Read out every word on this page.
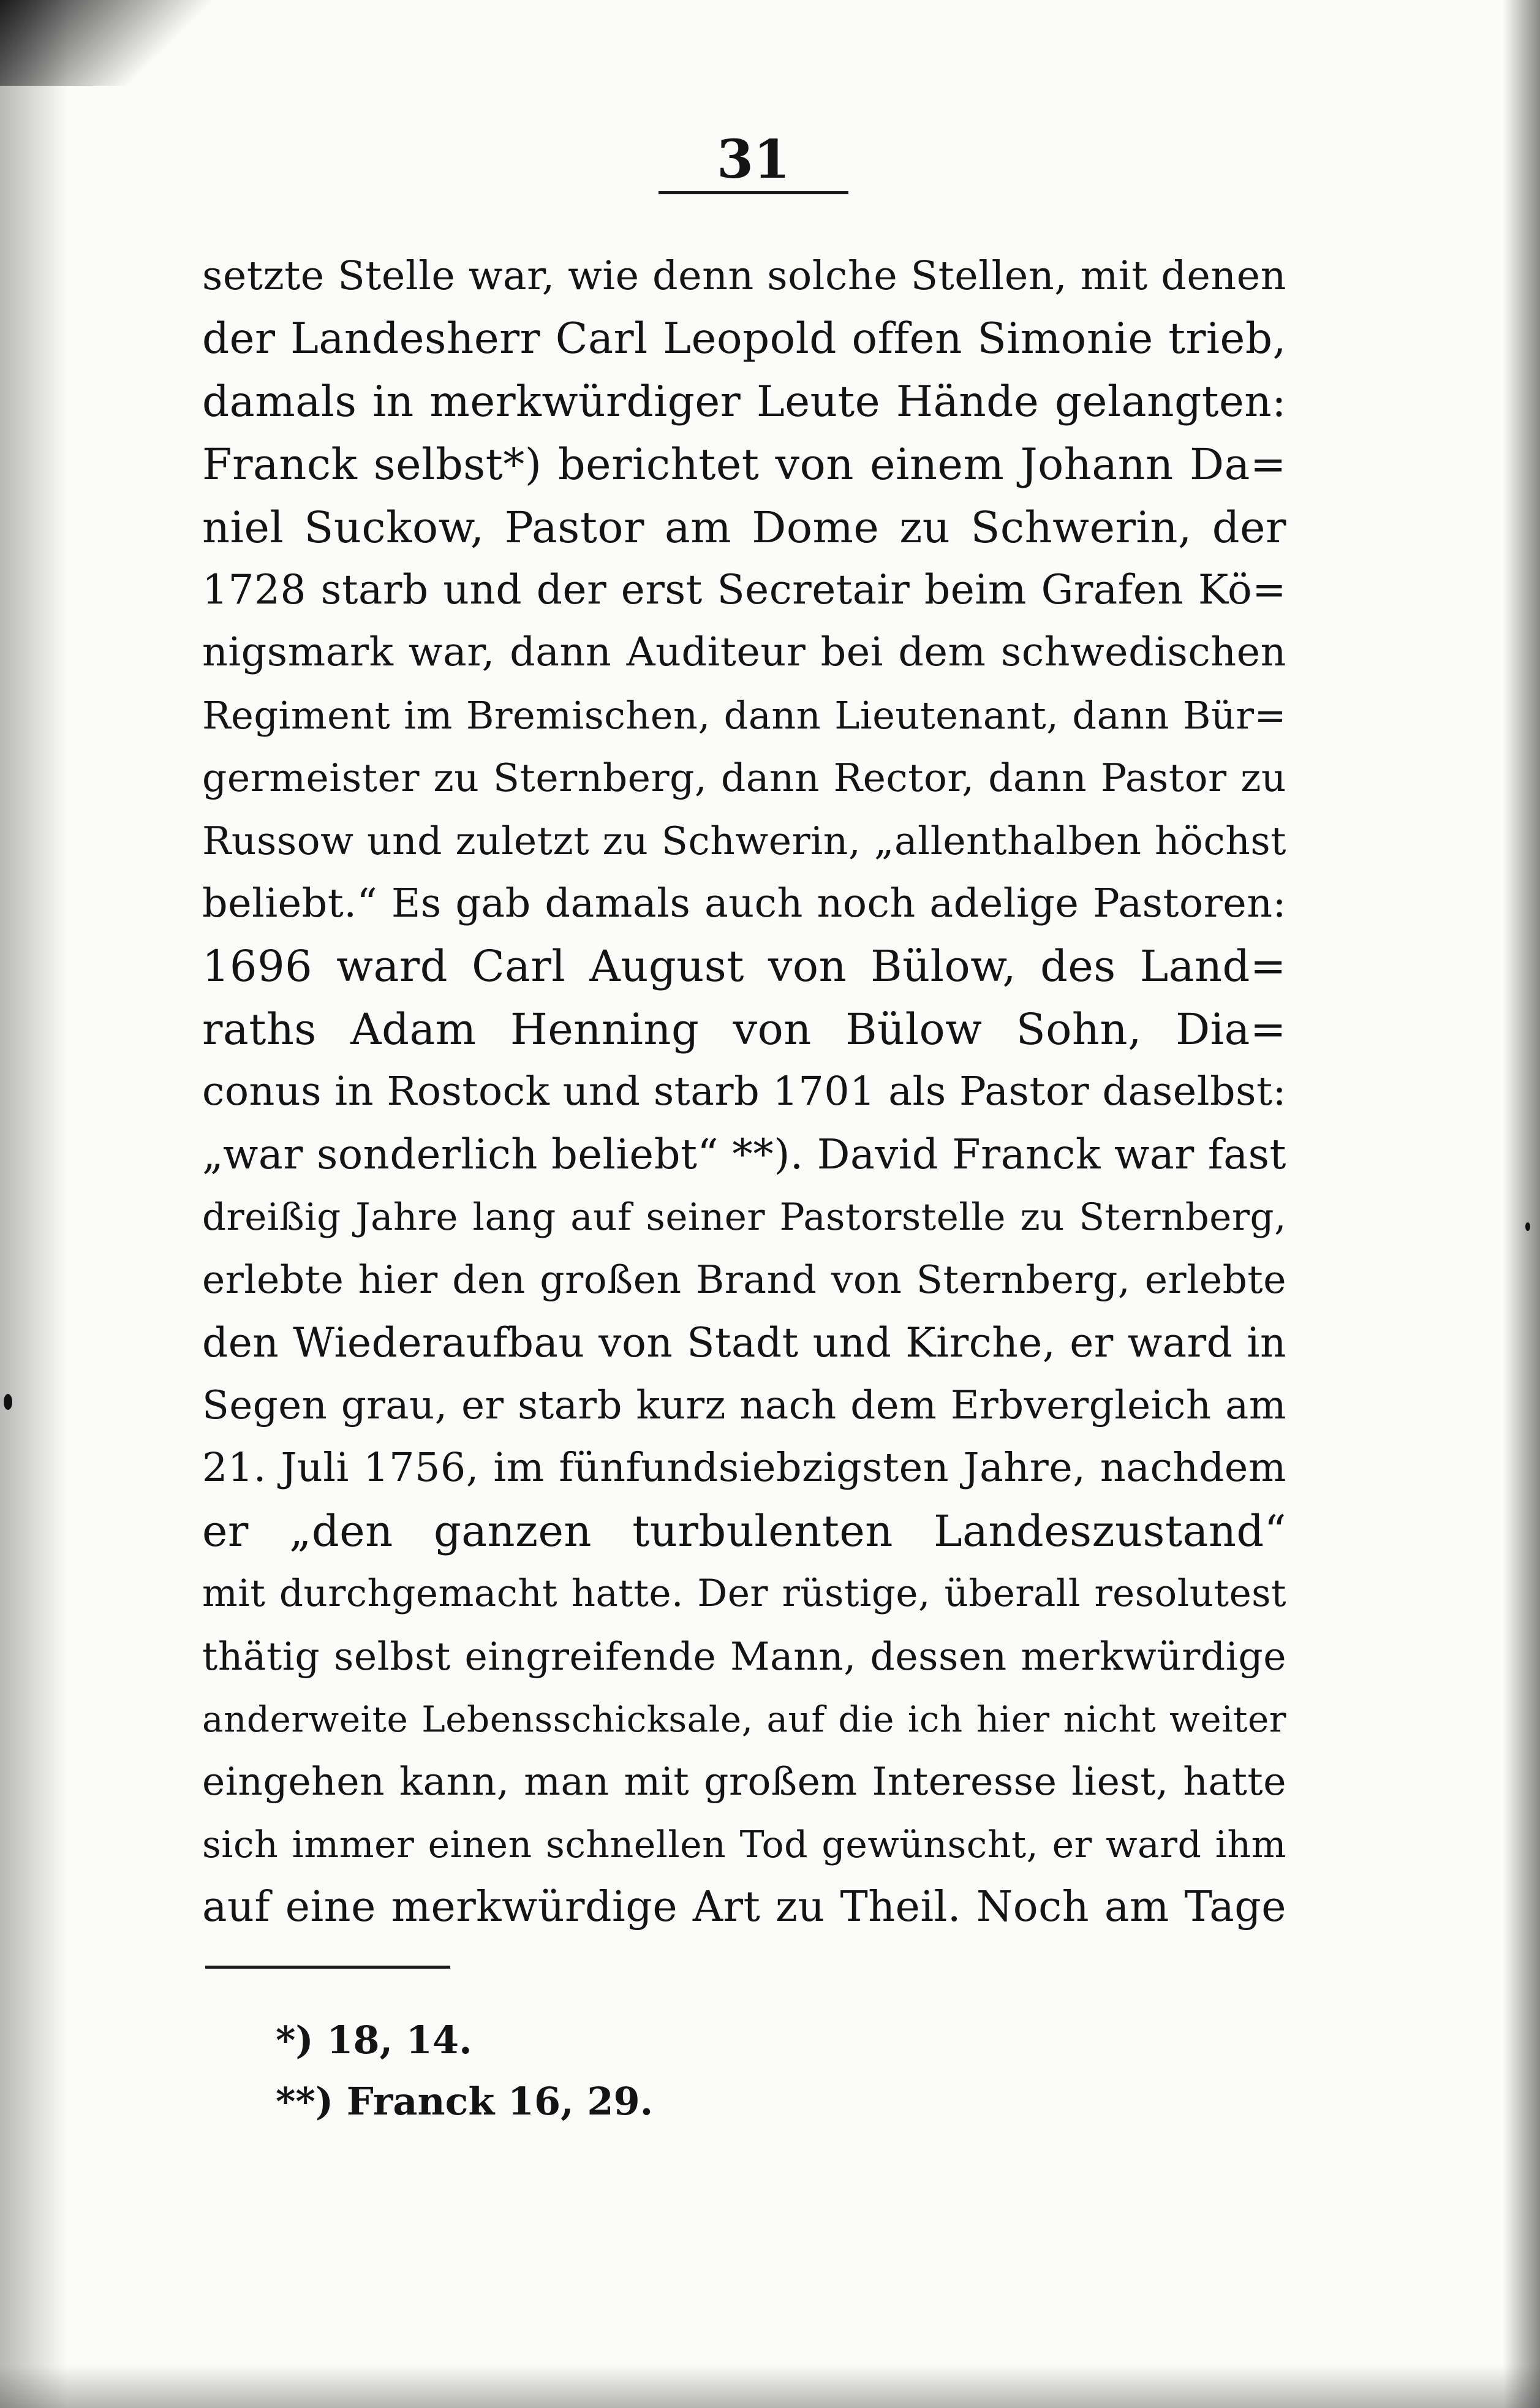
31
setzte Stelle war, wie denn solche Stellen, mit denen
der Landesherr Carl Leopold offen Simonie trieb,
damals in merkwürdiger Leute Hände gelangten:
Franck selbst*) berichtet von einem Johann Da=
niel Suckow, Pastor am Dome zu Schwerin, der
1728 starb und der erst Secretair beim Grafen Kö=
nigsmark war, dann Auditeur bei dem schwedischen
Regiment im Bremischen, dann Lieutenant, dann Bür=
germeister zu Sternberg, dann Rector, dann Pastor zu
Russow und zuletzt zu Schwerin, „allenthalben höchst
beliebt.“ Es gab damals auch noch adelige Pastoren:
1696 ward Carl August von Bülow, des Land=
raths Adam Henning von Bülow Sohn, Dia=
conus in Rostock und starb 1701 als Pastor daselbst:
„war sonderlich beliebt“ **). David Franck war fast
dreißig Jahre lang auf seiner Pastorstelle zu Sternberg,
erlebte hier den großen Brand von Sternberg, erlebte
den Wiederaufbau von Stadt und Kirche, er ward in
Segen grau, er starb kurz nach dem Erbvergleich am
21. Juli 1756, im fünfundsiebzigsten Jahre, nachdem
er „den ganzen turbulenten Landeszustand“
mit durchgemacht hatte. Der rüstige, überall resolutest
thätig selbst eingreifende Mann, dessen merkwürdige
anderweite Lebensschicksale, auf die ich hier nicht weiter
eingehen kann, man mit großem Interesse liest, hatte
sich immer einen schnellen Tod gewünscht, er ward ihm
auf eine merkwürdige Art zu Theil. Noch am Tage
*) 18, 14.
**) Franck 16, 29.
